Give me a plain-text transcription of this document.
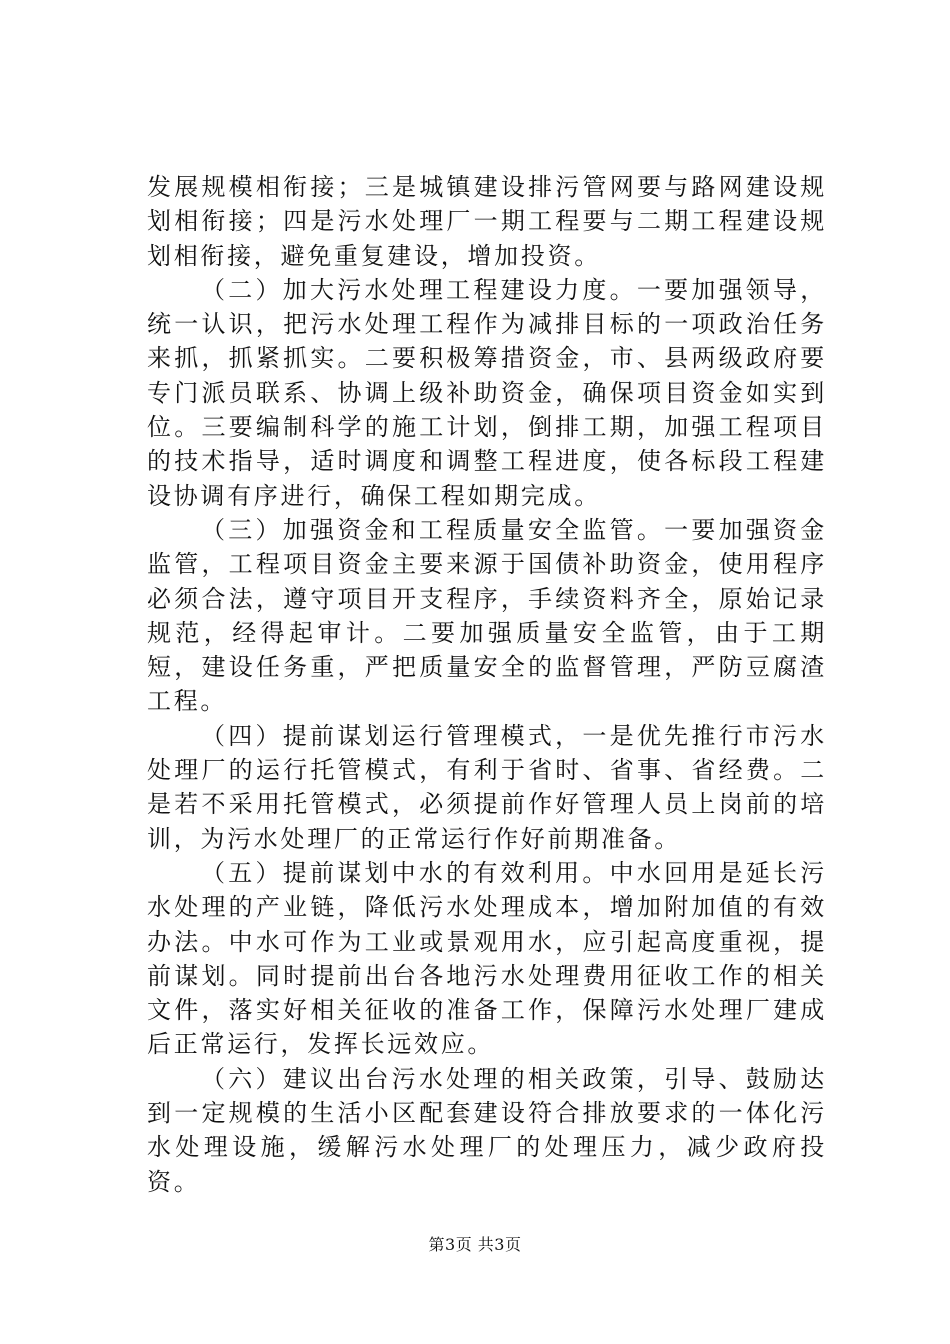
发展规模相衔接；三是城镇建设排污管网要与路网建设规划相衔接；四是污水处理厂一期工程要与二期工程建设规划相衔接，避免重复建设，增加投资。

（二）加大污水处理工程建设力度。一要加强领导，统一认识，把污水处理工程作为减排目标的一项政治任务来抓，抓紧抓实。二要积极筹措资金，市、县两级政府要专门派员联系、协调上级补助资金，确保项目资金如实到位。三要编制科学的施工计划，倒排工期，加强工程项目的技术指导，适时调度和调整工程进度，使各标段工程建设协调有序进行，确保工程如期完成。

（三）加强资金和工程质量安全监管。一要加强资金监管，工程项目资金主要来源于国债补助资金，使用程序必须合法，遵守项目开支程序，手续资料齐全，原始记录规范，经得起审计。二要加强质量安全监管，由于工期短，建设任务重，严把质量安全的监督管理，严防豆腐渣工程。

（四）提前谋划运行管理模式，一是优先推行市污水处理厂的运行托管模式，有利于省时、省事、省经费。二是若不采用托管模式，必须提前作好管理人员上岗前的培训，为污水处理厂的正常运行作好前期准备。

（五）提前谋划中水的有效利用。中水回用是延长污水处理的产业链，降低污水处理成本，增加附加值的有效办法。中水可作为工业或景观用水，应引起高度重视，提前谋划。同时提前出台各地污水处理费用征收工作的相关文件，落实好相关征收的准备工作，保障污水处理厂建成后正常运行，发挥长远效应。

（六）建议出台污水处理的相关政策，引导、鼓励达到一定规模的生活小区配套建设符合排放要求的一体化污水处理设施，缓解污水处理厂的处理压力，减少政府投资。

第3页 共3页
